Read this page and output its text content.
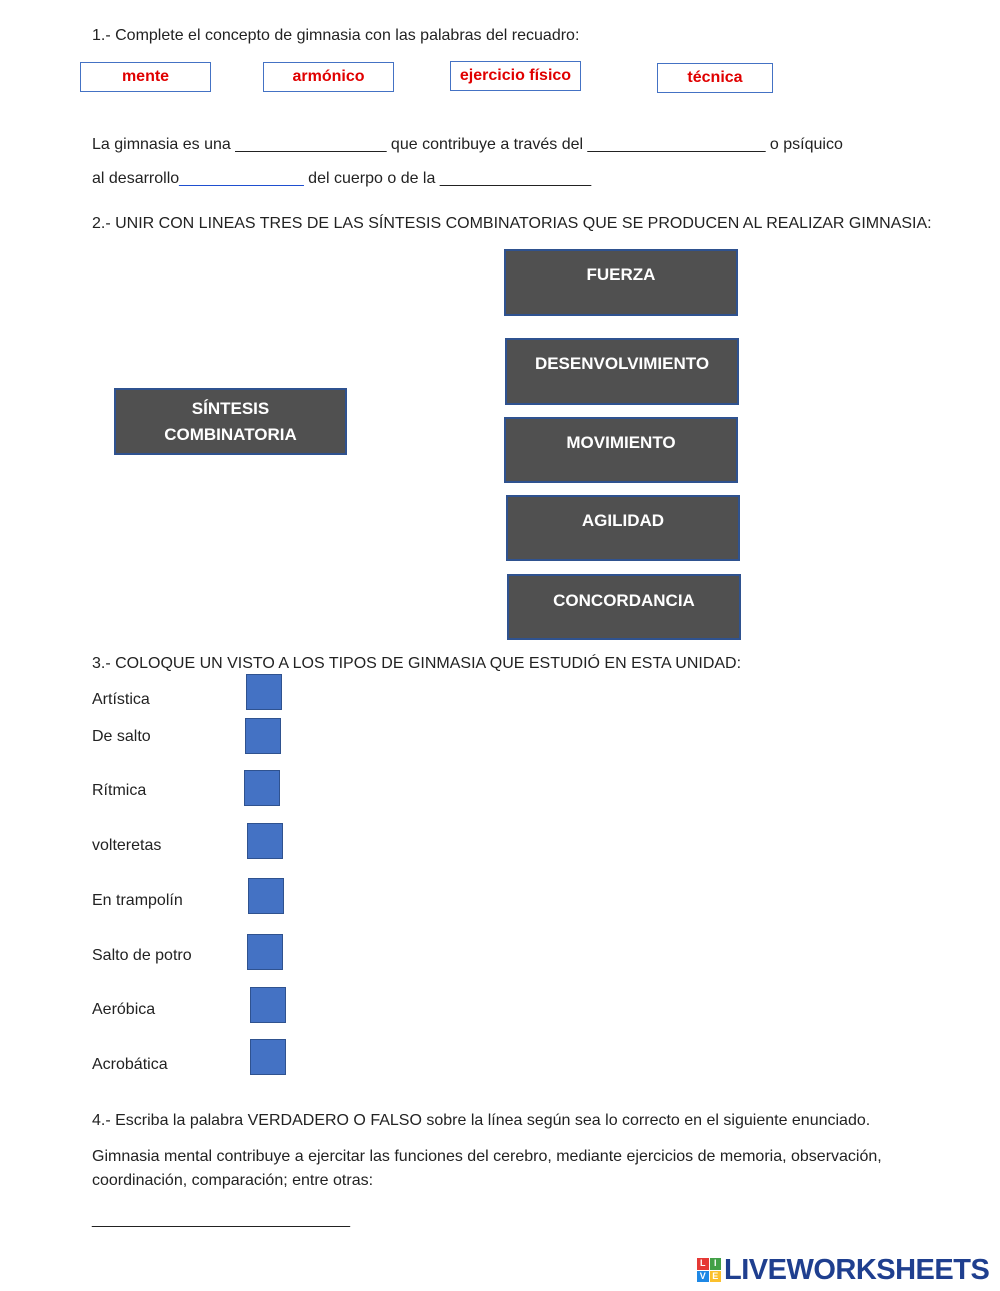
1.- Complete el concepto de gimnasia con las palabras del recuadro:
mente	armónico	ejercicio físico	técnica
La gimnasia es una _________________ que contribuye a través del ____________________ o psíquico
al desarrollo______________ del cuerpo o de la _________________
2.- UNIR CON LINEAS TRES DE LAS SÍNTESIS COMBINATORIAS QUE SE PRODUCEN AL REALIZAR GIMNASIA:
SÍNTESIS
COMBINATORIA
FUERZA
DESENVOLVIMIENTO
MOVIMIENTO
AGILIDAD
CONCORDANCIA
3.- COLOQUE UN VISTO A LOS TIPOS DE GINMASIA QUE ESTUDIÓ EN ESTA UNIDAD:
Artística
De salto
Rítmica
volteretas
En trampolín
Salto de potro
Aeróbica
Acrobática
4.- Escriba la palabra VERDADERO O FALSO sobre la línea según sea lo correcto en el siguiente enunciado.
Gimnasia mental contribuye a ejercitar las funciones del cerebro, mediante ejercicios de memoria, observación,
coordinación, comparación; entre otras:
_____________________________
L I
V E LIVEWORKSHEETS
